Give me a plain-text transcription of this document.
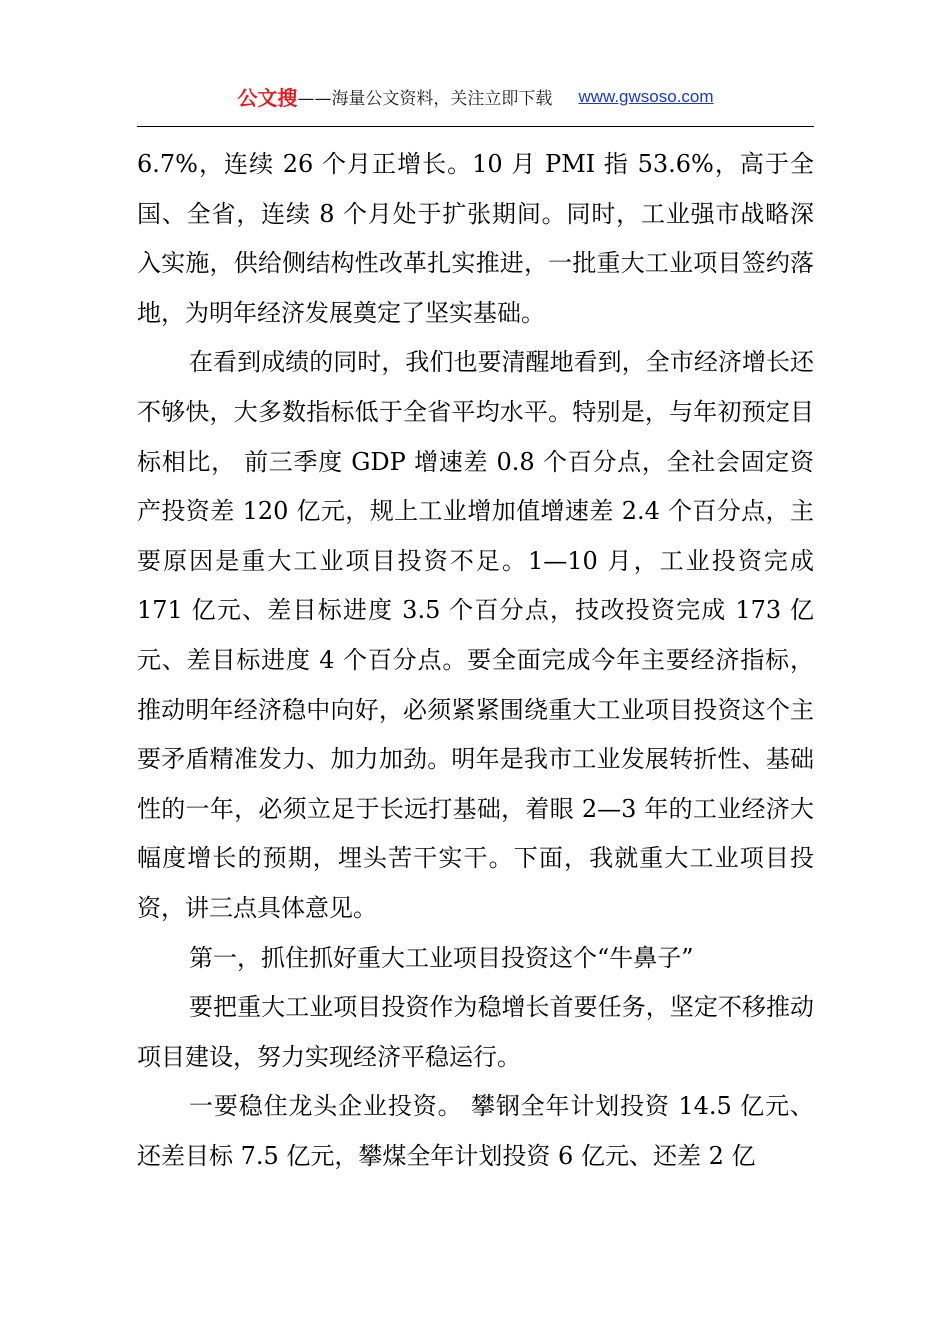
公文搜——海量公文资料，关注立即下载 www.gwsoso.com

6.7%，连续 26 个月正增长。10 月 PMI 指 53.6%，高于全国、全省，连续 8 个月处于扩张期间。同时，工业强市战略深入实施，供给侧结构性改革扎实推进，一批重大工业项目签约落地，为明年经济发展奠定了坚实基础。

在看到成绩的同时，我们也要清醒地看到，全市经济增长还不够快，大多数指标低于全省平均水平。特别是，与年初预定目标相比， 前三季度 GDP 增速差 0.8 个百分点，全社会固定资产投资差 120 亿元，规上工业增加值增速差 2.4 个百分点，主要原因是重大工业项目投资不足。1—10 月，工业投资完成 171 亿元、差目标进度 3.5 个百分点，技改投资完成 173 亿元、差目标进度 4 个百分点。要全面完成今年主要经济指标，推动明年经济稳中向好，必须紧紧围绕重大工业项目投资这个主要矛盾精准发力、加力加劲。明年是我市工业发展转折性、基础性的一年，必须立足于长远打基础，着眼 2—3 年的工业经济大幅度增长的预期，埋头苦干实干。下面，我就重大工业项目投资，讲三点具体意见。

第一，抓住抓好重大工业项目投资这个“牛鼻子”

要把重大工业项目投资作为稳增长首要任务，坚定不移推动项目建设，努力实现经济平稳运行。

一要稳住龙头企业投资。 攀钢全年计划投资 14.5 亿元、还差目标 7.5 亿元，攀煤全年计划投资 6 亿元、还差 2 亿
